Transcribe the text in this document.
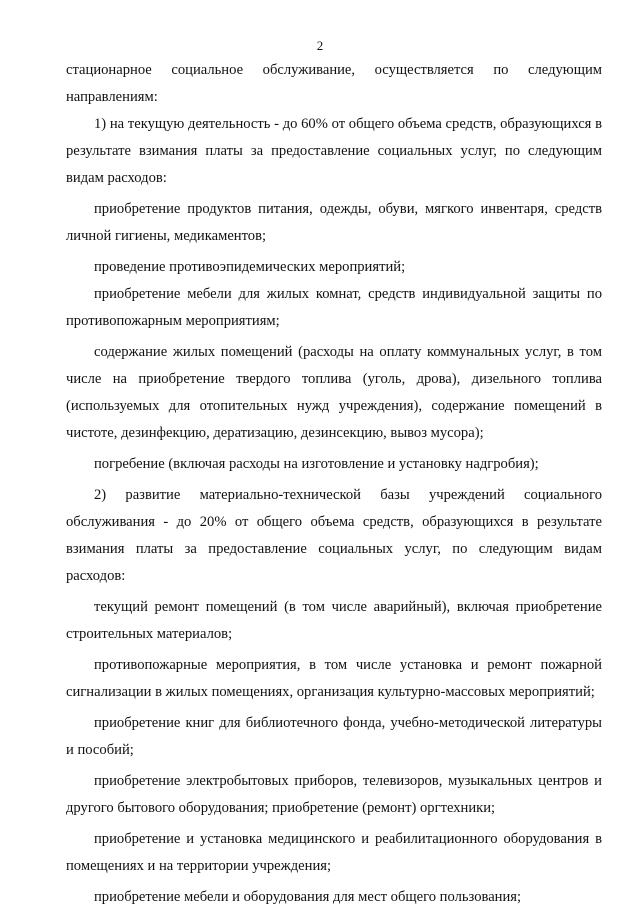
2

стационарное социальное обслуживание, осуществляется по следующим направлениям:

1) на текущую деятельность - до 60% от общего объема средств, образующихся в результате взимания платы за предоставление социальных услуг, по следующим видам расходов:

приобретение продуктов питания, одежды, обуви, мягкого инвентаря, средств личной гигиены, медикаментов;

проведение противоэпидемических мероприятий;

приобретение мебели для жилых комнат, средств индивидуальной защиты по противопожарным мероприятиям;

содержание жилых помещений (расходы на оплату коммунальных услуг, в том числе на приобретение твердого топлива (уголь, дрова), дизельного топлива (используемых для отопительных нужд учреждения), содержание помещений в чистоте, дезинфекцию, дератизацию, дезинсекцию, вывоз мусора);

погребение (включая расходы на изготовление и установку надгробия);

2) развитие материально-технической базы учреждений социального обслуживания - до 20% от общего объема средств, образующихся в результате взимания платы за предоставление социальных услуг, по следующим видам расходов:

текущий ремонт помещений (в том числе аварийный), включая приобретение строительных материалов;

противопожарные мероприятия, в том числе установка и ремонт пожарной сигнализации в жилых помещениях, организация культурно-массовых мероприятий;

приобретение книг для библиотечного фонда, учебно-методической литературы и пособий;

приобретение электробытовых приборов, телевизоров, музыкальных центров и другого бытового оборудования; приобретение (ремонт) оргтехники;

приобретение и установка медицинского и реабилитационного оборудования в помещениях и на территории учреждения;

приобретение мебели и оборудования для мест общего пользования;
